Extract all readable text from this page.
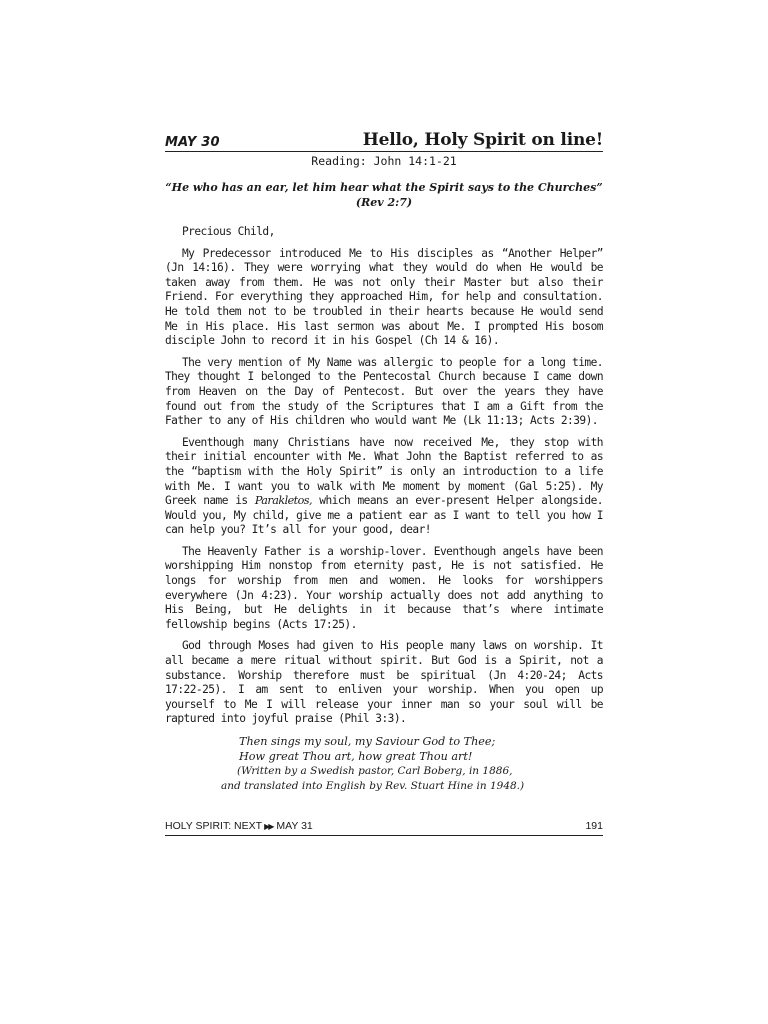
MAY 30	Hello, Holy Spirit on line!
Reading: John 14:1-21
“He who has an ear, let him hear what the Spirit says to the Churches”
(Rev 2:7)
Precious Child,

My Predecessor introduced Me to His disciples as “Another Helper” (Jn 14:16). They were worrying what they would do when He would be taken away from them. He was not only their Master but also their Friend. For everything they approached Him, for help and consultation. He told them not to be troubled in their hearts because He would send Me in His place. His last sermon was about Me. I prompted His bosom disciple John to record it in his Gospel (Ch 14 & 16).

The very mention of My Name was allergic to people for a long time. They thought I belonged to the Pentecostal Church because I came down from Heaven on the Day of Pentecost. But over the years they have found out from the study of the Scriptures that I am a Gift from the Father to any of His children who would want Me (Lk 11:13; Acts 2:39).

Eventhough many Christians have now received Me, they stop with their initial encounter with Me. What John the Baptist referred to as the “baptism with the Holy Spirit” is only an introduction to a life with Me. I want you to walk with Me moment by moment (Gal 5:25). My Greek name is Parakletos, which means an ever-present Helper alongside. Would you, My child, give me a patient ear as I want to tell you how I can help you? It’s all for your good, dear!

The Heavenly Father is a worship-lover. Eventhough angels have been worshipping Him nonstop from eternity past, He is not satisfied. He longs for worship from men and women. He looks for worshippers everywhere (Jn 4:23). Your worship actually does not add anything to His Being, but He delights in it because that’s where intimate fellowship begins (Acts 17:25).

God through Moses had given to His people many laws on worship. It all became a mere ritual without spirit. But God is a Spirit, not a substance. Worship therefore must be spiritual (Jn 4:20-24; Acts 17:22-25). I am sent to enliven your worship. When you open up yourself to Me I will release your inner man so your soul will be raptured into joyful praise (Phil 3:3).

Then sings my soul, my Saviour God to Thee;
How great Thou art, how great Thou art!
(Written by a Swedish pastor, Carl Boberg, in 1886,
and translated into English by Rev. Stuart Hine in 1948.)
HOLY SPIRIT: NEXT ▶▶ MAY 31	191
